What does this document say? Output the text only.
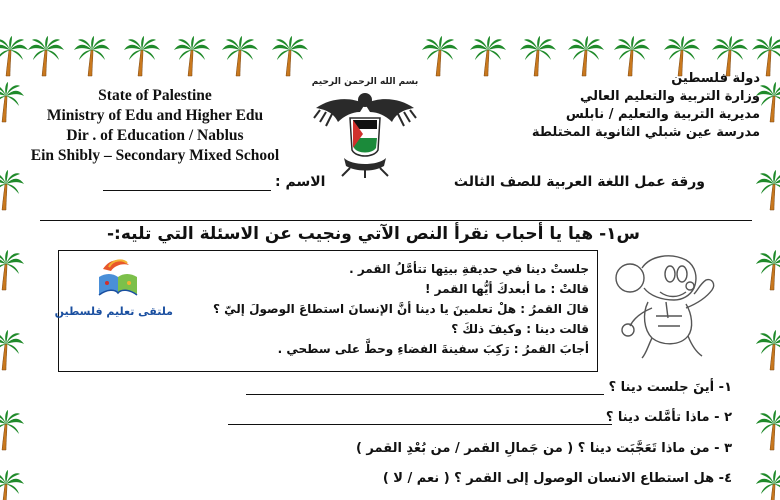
State of Palestine
Ministry of Edu and Higher Edu
Dir . of Education / Nablus
Ein Shibly – Secondary Mixed School
بسم الله الرحمن الرحيم	دولة فلسطين
وزارة التربية والتعليم العالي
مديرية التربية والتعليم / نابلس
مدرسة عين شبلي الثانوية المختلطة
ورقة عمل اللغة العربية للصف الثالث
الاسم :
س١- هيا يا أحباب نقرأ النص الآتي ونجيب عن الاسئلة التي تليه:-
ملتقى تعليم فلسطين
جلستْ دينا في حديقةِ بيتِها تتأمَّلُ القمر .
قالتْ : ما أبعدكَ أيُّها القمر !
قالَ القمرُ : هلْ تعلمينَ يا دينا أنَّ الإنسانَ استطاعَ الوصولَ إليّ ؟
قالت دينا : وكيفَ ذلكَ ؟
أجابَ القمرُ : رَكِبَ سفينةَ الفضاءِ وحطَّ على سطحي .
١- أينَ جلست دينا ؟
٢ - ماذا تأمَّلت دينا ؟
٣ - من ماذا تَعَجَّبَت دينا ؟ ( من جَمالِ القمر / من بُعْدِ القمر )
٤- هل استطاع الانسان الوصول إلى القمر ؟ ( نعم / لا )
